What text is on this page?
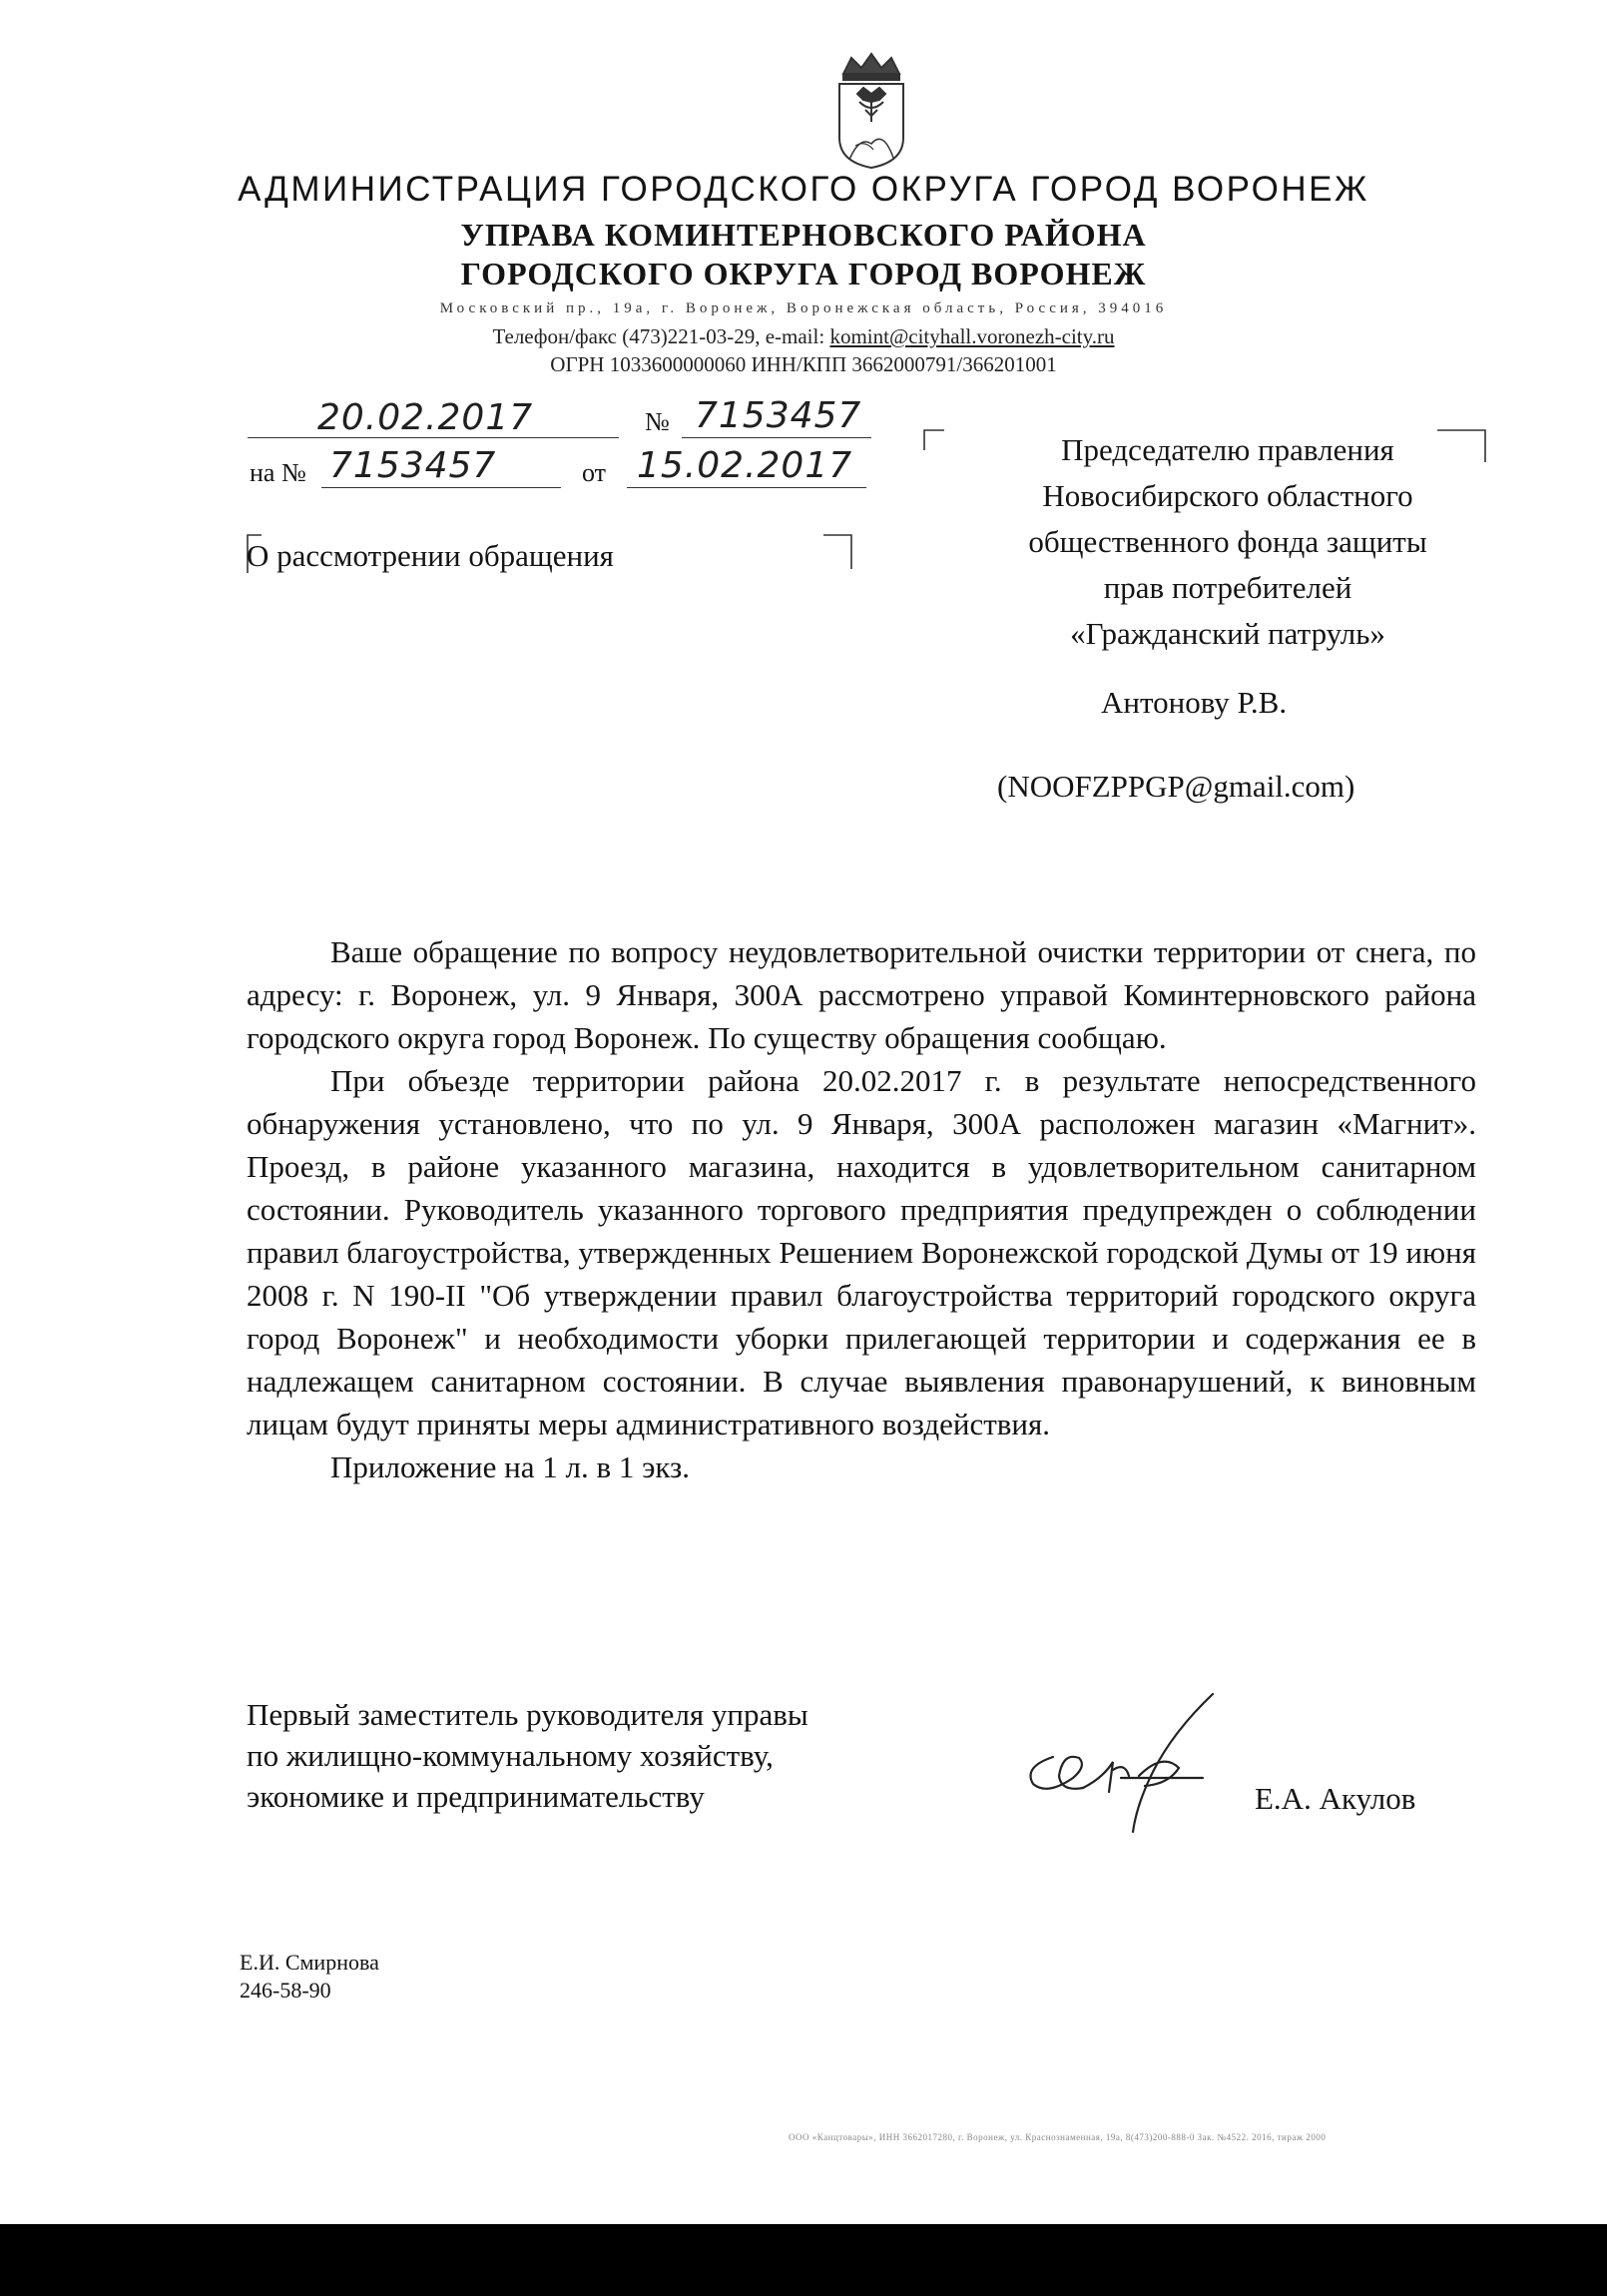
АДМИНИСТРАЦИЯ ГОРОДСКОГО ОКРУГА ГОРОД ВОРОНЕЖ
УПРАВА КОМИНТЕРНОВСКОГО РАЙОНА
ГОРОДСКОГО ОКРУГА ГОРОД ВОРОНЕЖ
Московский пр., 19а, г. Воронеж, Воронежская область, Россия, 394016
Телефон/факс (473)221-03-29, e-mail: komint@cityhall.voronezh-city.ru
ОГРН 1033600000060 ИНН/КПП 3662000791/366201001
20.02.2017	№ 7153457
на № 7153457	от 15.02.2017	Председателю правления
Новосибирского областного
общественного фонда защиты
прав потребителей
«Гражданский патруль»
Антонову Р.В.
(NOOFZPPGP@gmail.com)
О рассмотрении обращения

Ваше обращение по вопросу неудовлетворительной очистки территории от снега, по адресу: г. Воронеж, ул. 9 Января, 300А рассмотрено управой Коминтерновского района городского округа город Воронеж. По существу обращения сообщаю.

При объезде территории района 20.02.2017 г. в результате непосредственного обнаружения установлено, что по ул. 9 Января, 300А расположен магазин «Магнит». Проезд, в районе указанного магазина, находится в удовлетворительном санитарном состоянии. Руководитель указанного торгового предприятия предупрежден о соблюдении правил благоустройства, утвержденных Решением Воронежской городской Думы от 19 июня 2008 г. N 190-II "Об утверждении правил благоустройства территорий городского округа город Воронеж" и необходимости уборки прилегающей территории и содержания ее в надлежащем санитарном состоянии. В случае выявления правонарушений, к виновным лицам будут приняты меры административного воздействия.

Приложение на 1 л. в 1 экз.

Первый заместитель руководителя управы
по жилищно-коммунальному хозяйству,
экономике и предпринимательству	Е.А. Акулов
Е.И. Смирнова
246-58-90
ООО «Канцтовары», ИНН 3662017280, г. Воронеж, ул. Краснознаменная, 19а, 8(473)200-888-0 Зак. №4522. 2016, тираж 2000
